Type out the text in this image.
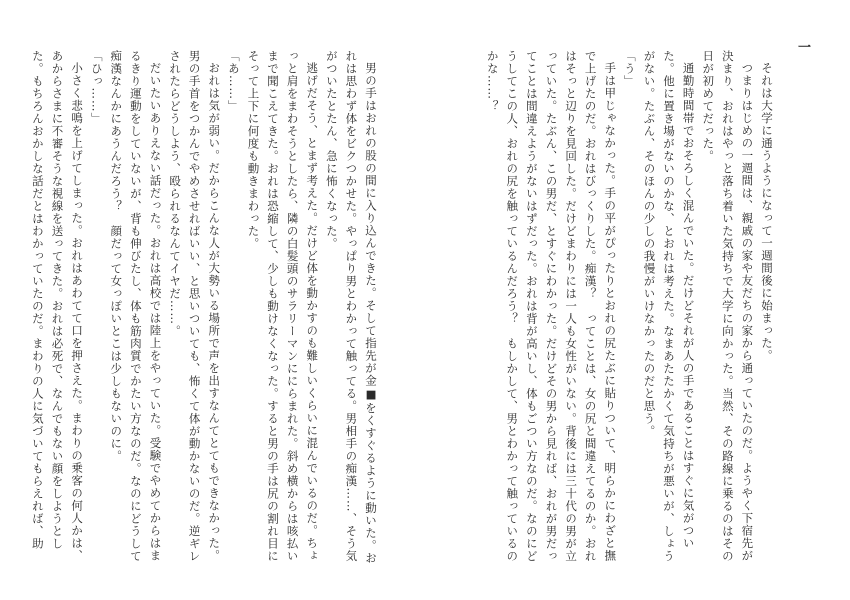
一

それは大学に通うようになって一週間後に始まった。

つまりはじめの一週間は、親戚の家や友だちの家から通っていたのだ。ようやく下宿先が決まり、おれはやっと落ち着いた気持ちで大学に向かった。当然、その路線に乗るのはその日が初めてだった。

通勤時間帯でおそろしく混んでいた。だけどそれが人の手であることはすぐに気がついた。他に置き場がないのかな、とおれは考えた。なまあたたかくて気持ちが悪いが、しょうがない。たぶん、そのほんの少しの我慢がいけなかったのだと思う。

「う」

手は甲じゃなかった。手の平がぴったりとおれの尻たぶに貼りついて、明らかにわざと撫で上げたのだ。おれはびっくりした。痴漢？　ってことは、女の尻と間違えてるのか。おれはそっと辺りを見回した。だけどまわりには一人も女性がいない。背後には三十代の男が立っていた。たぶん、この男だ、とすぐにわかった。だけどその男から見れば、おれが男だってことは間違えようがないはずだった。おれは背が高いし、体もごつい方なのだ。なのにどうしてこの人、おれの尻を触っているんだろう？　もしかして、男とわかって触っているのかな……？

男の手はおれの股の間に入り込んできた。そして指先が金■をくすぐるように動いた。おれは思わず体をビクつかせた。やっぱり男とわかって触ってる。男相手の痴漢……、そう気がついたとたん、急に怖くなった。

逃げだそう、とまず考えた。だけど体を動かすのも難しいくらいに混んでいるのだ。ちょっと肩をまわそうとしたら、隣の白髪頭のサラリーマンににらまれた。斜め横からは咳払いまで聞こえてきた。おれは恐縮して、少しも動けなくなった。すると男の手は尻の割れ目にそって上下に何度も動きまわった。

「あ……」

おれは気が弱い。だからこんな人が大勢いる場所で声を出すなんてとてもできなかった。男の手首をつかんでやめさせればいい、と思いついても、怖くて体が動かないのだ。逆ギレされたらどうしよう、殴られるなんてイヤだ……。

だいたいありえない話だった。おれは高校では陸上をやっていた。受験でやめてからはまるきり運動をしていないが、背も伸びたし、体も筋肉質でかたい方なのだ。なのにどうして痴漢なんかにあうんだろう？　顔だって女っぽいとこは少しもないのに。

「ひっ……」

小さく悲鳴を上げてしまった。おれはあわてて口を押さえた。まわりの乗客の何人かは、あからさまに不審そうな視線を送ってきた。おれは必死で、なんでもない顔をしようとした。もちろんおかしな話だとはわかっていたのだ。まわりの人に気づいてもらえれば、助
